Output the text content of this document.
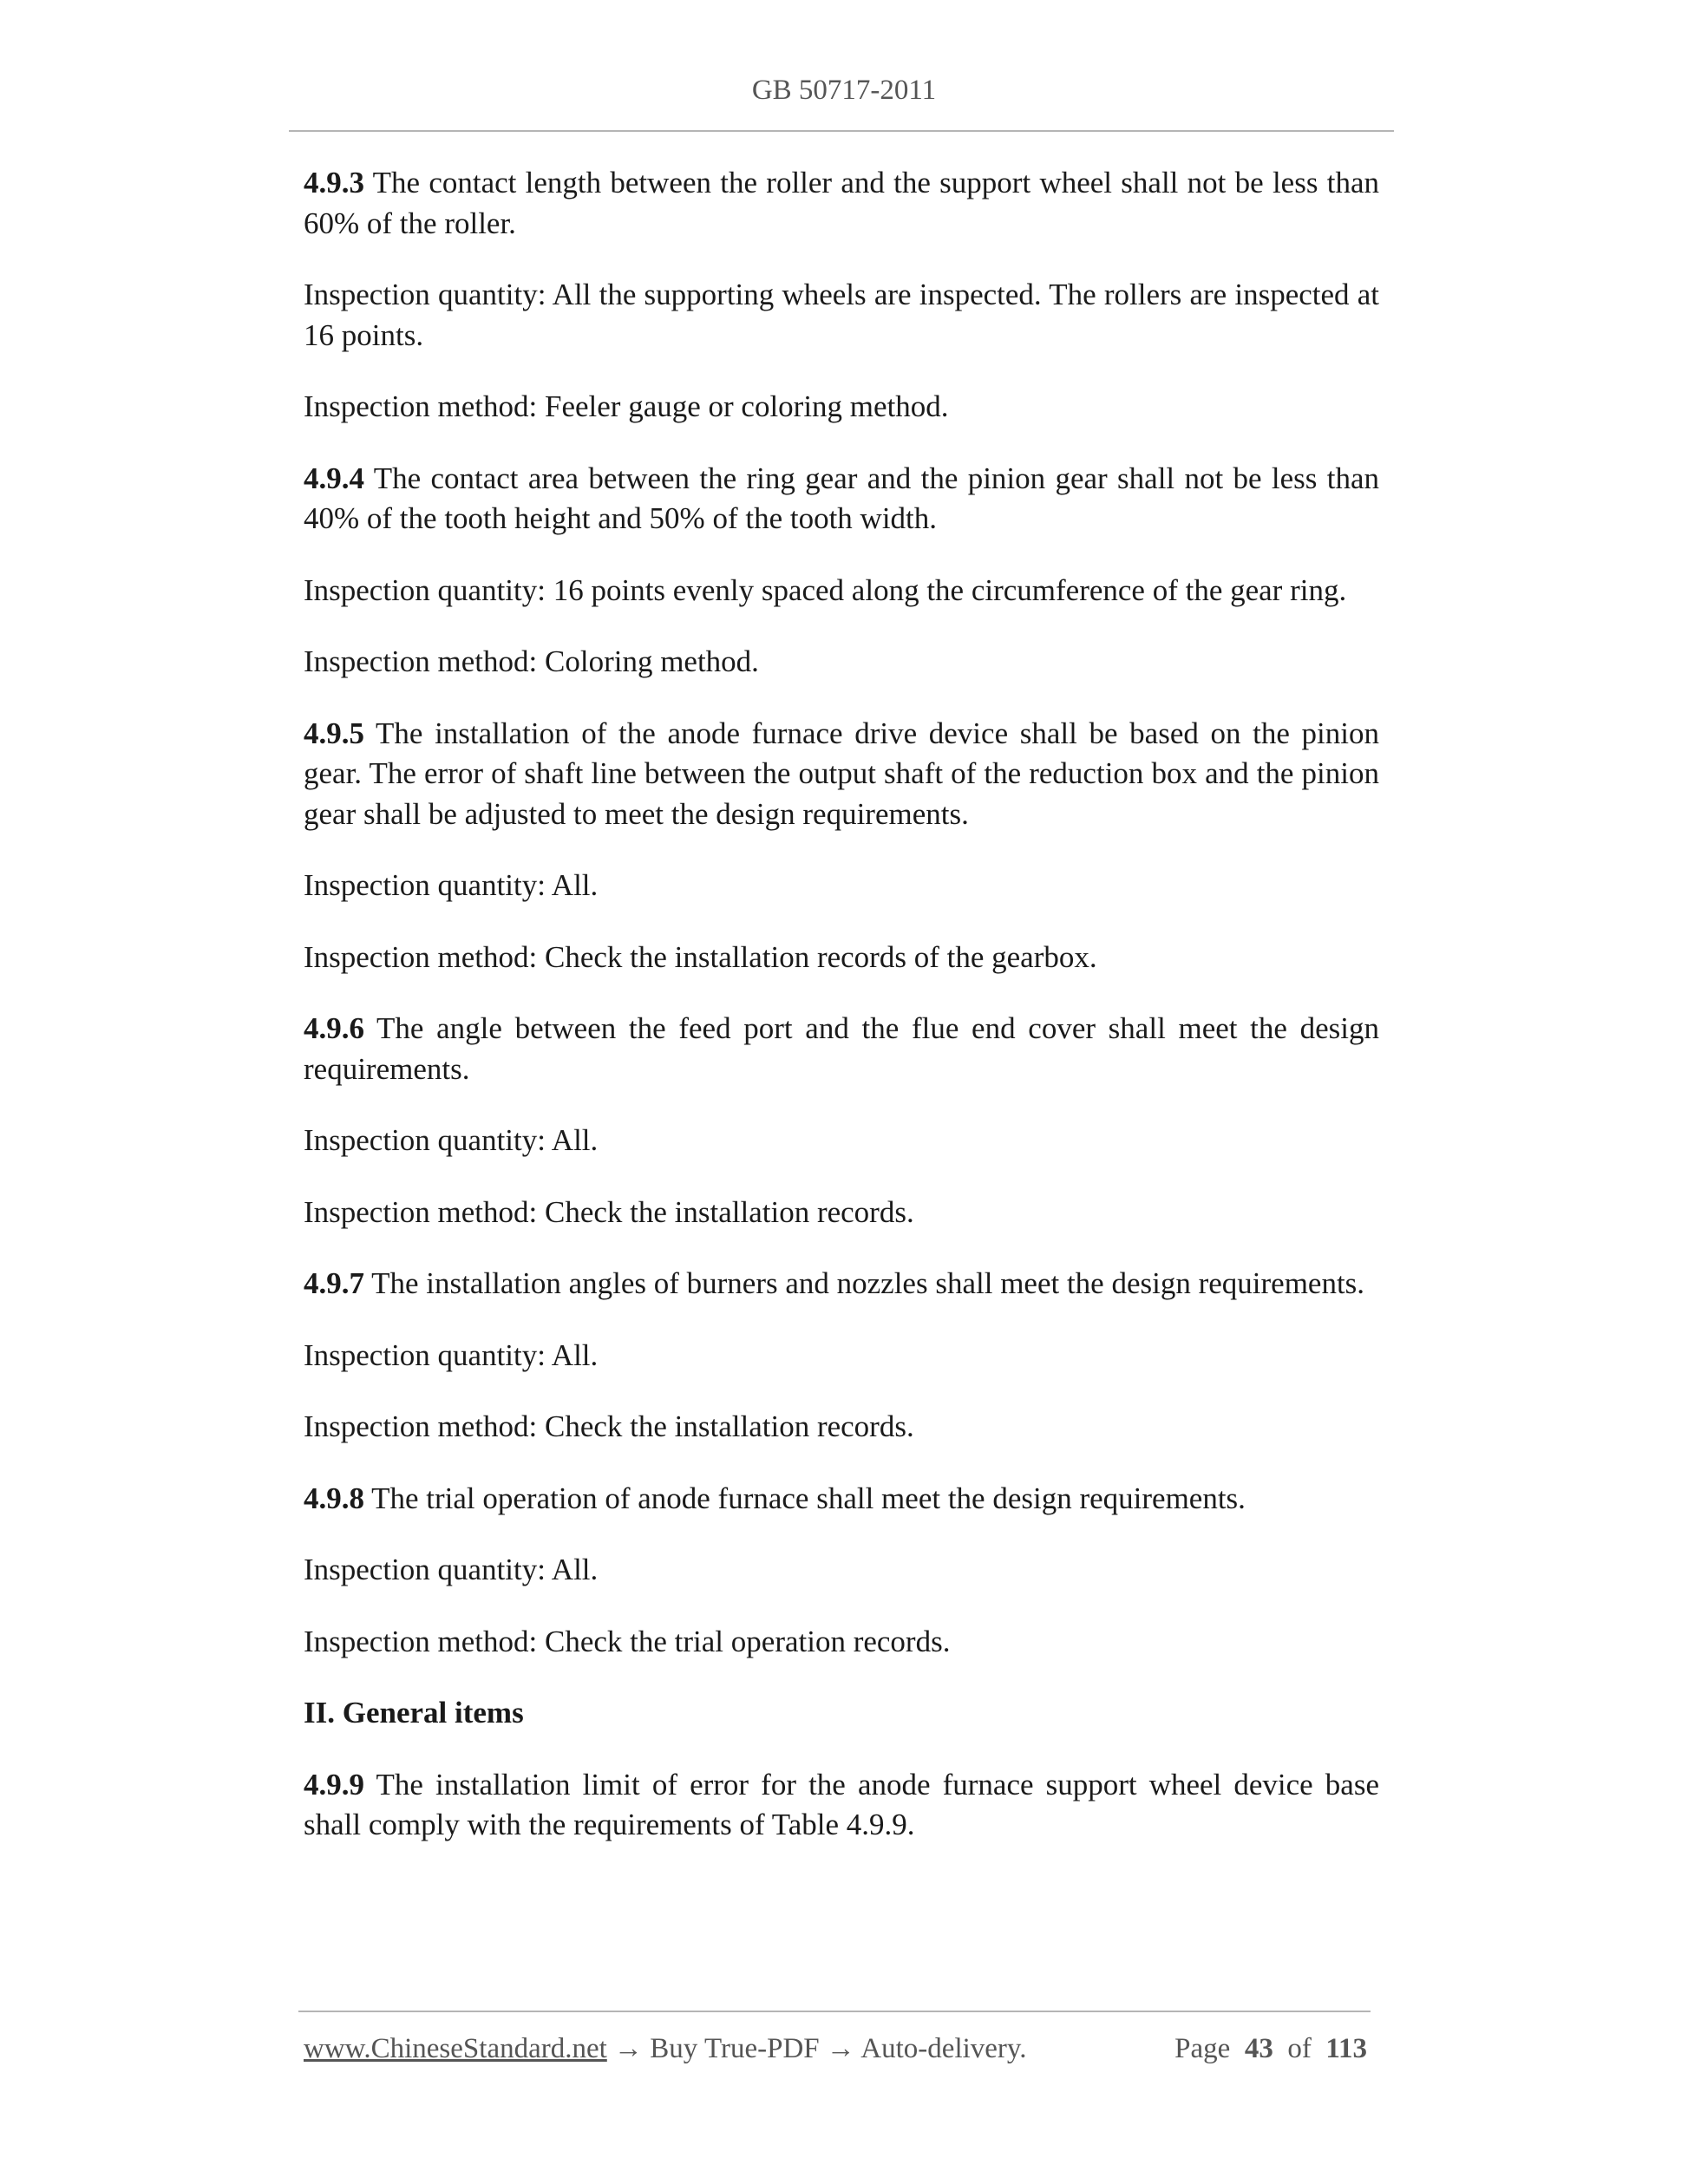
GB 50717-2011

4.9.3 The contact length between the roller and the support wheel shall not be less than 60% of the roller.

Inspection quantity: All the supporting wheels are inspected. The rollers are inspected at 16 points.

Inspection method: Feeler gauge or coloring method.

4.9.4 The contact area between the ring gear and the pinion gear shall not be less than 40% of the tooth height and 50% of the tooth width.

Inspection quantity: 16 points evenly spaced along the circumference of the gear ring.

Inspection method: Coloring method.

4.9.5 The installation of the anode furnace drive device shall be based on the pinion gear. The error of shaft line between the output shaft of the reduction box and the pinion gear shall be adjusted to meet the design requirements.

Inspection quantity: All.

Inspection method: Check the installation records of the gearbox.

4.9.6 The angle between the feed port and the flue end cover shall meet the design requirements.

Inspection quantity: All.

Inspection method: Check the installation records.

4.9.7 The installation angles of burners and nozzles shall meet the design requirements.

Inspection quantity: All.

Inspection method: Check the installation records.

4.9.8 The trial operation of anode furnace shall meet the design requirements.

Inspection quantity: All.

Inspection method: Check the trial operation records.

II. General items

4.9.9 The installation limit of error for the anode furnace support wheel device base shall comply with the requirements of Table 4.9.9.

www.ChineseStandard.net → Buy True-PDF → Auto-delivery.	Page 43 of 113
